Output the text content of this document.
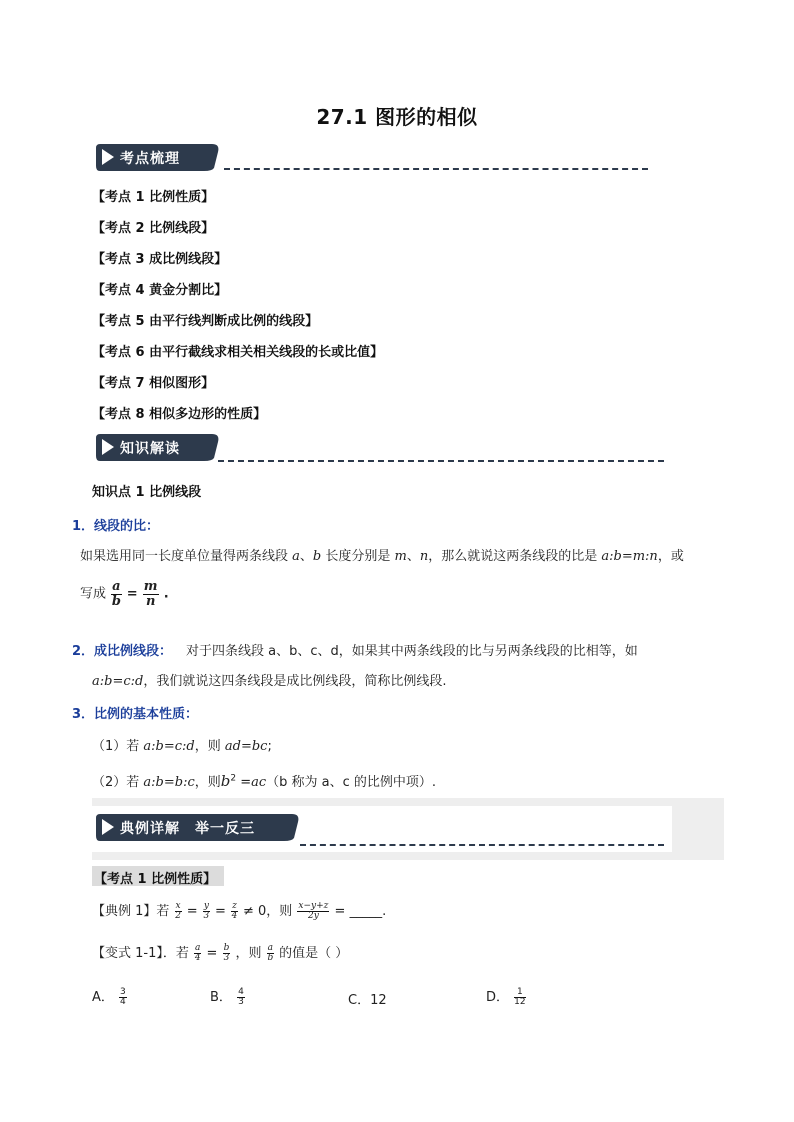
27.1 图形的相似
考点梳理
【考点 1 比例性质】
【考点 2 比例线段】
【考点 3 成比例线段】
【考点 4 黄金分割比】
【考点 5 由平行线判断成比例的线段】
【考点 6 由平行截线求相关相关线段的长或比值】
【考点 7 相似图形】
【考点 8 相似多边形的性质】
知识解读
知识点 1 比例线段
1．线段的比：
如果选用同一长度单位量得两条线段 a、b 长度分别是 m、n，那么就说这两条线段的比是 a:b=m:n，或
写成 $\frac{a}{b} = \frac{m}{n}$ .
2．成比例线段： 对于四条线段 a、b、c、d，如果其中两条线段的比与另两条线段的比相等，如
a:b=c:d，我们就说这四条线段是成比例线段，简称比例线段.
3．比例的基本性质：
（1）若 a:b=c:d，则 ad=bc;
（2）若 a:b=b:c，则$b^2 =ac(b$ 称为 a、c 的比例中项）.
典例详解　举一反三
【考点 1 比例性质】
【典例 1】若 $\frac{x}{2} = \frac{y}{3} = \frac{z}{4} \ne 0$，则 $\frac{x-y+z}{2y}$ = _____.
【变式 1-1】．若 $\frac{a}{4} = \frac{b}{3}$ ，则 $\frac{a}{b}$ 的值是（ ）
A． $\frac{3}{4}$	B． $\frac{4}{3}$	C．12	D． $\frac{1}{12}$
